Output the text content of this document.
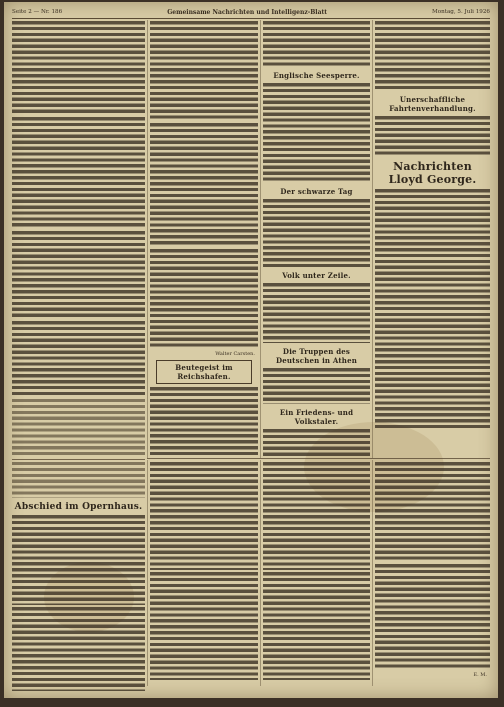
Seite 2 — Nr. 186	Gemeinsame Nachrichten und Intelligenz-Blatt	Montag, 5. Juli 1926

Abschied im Opernhaus.

Walter Carsten.
Beutegeist im Reichshafen.

Englische Seesperre.

Der schwarze Tag

Volk unter Zeile.

Die Truppen des Deutschen in Athen

Ein Friedens- und Volkstaler.

Unerschaffliche Fahrtenverhandlung.

Nachrichten Lloyd George.

E. M.
